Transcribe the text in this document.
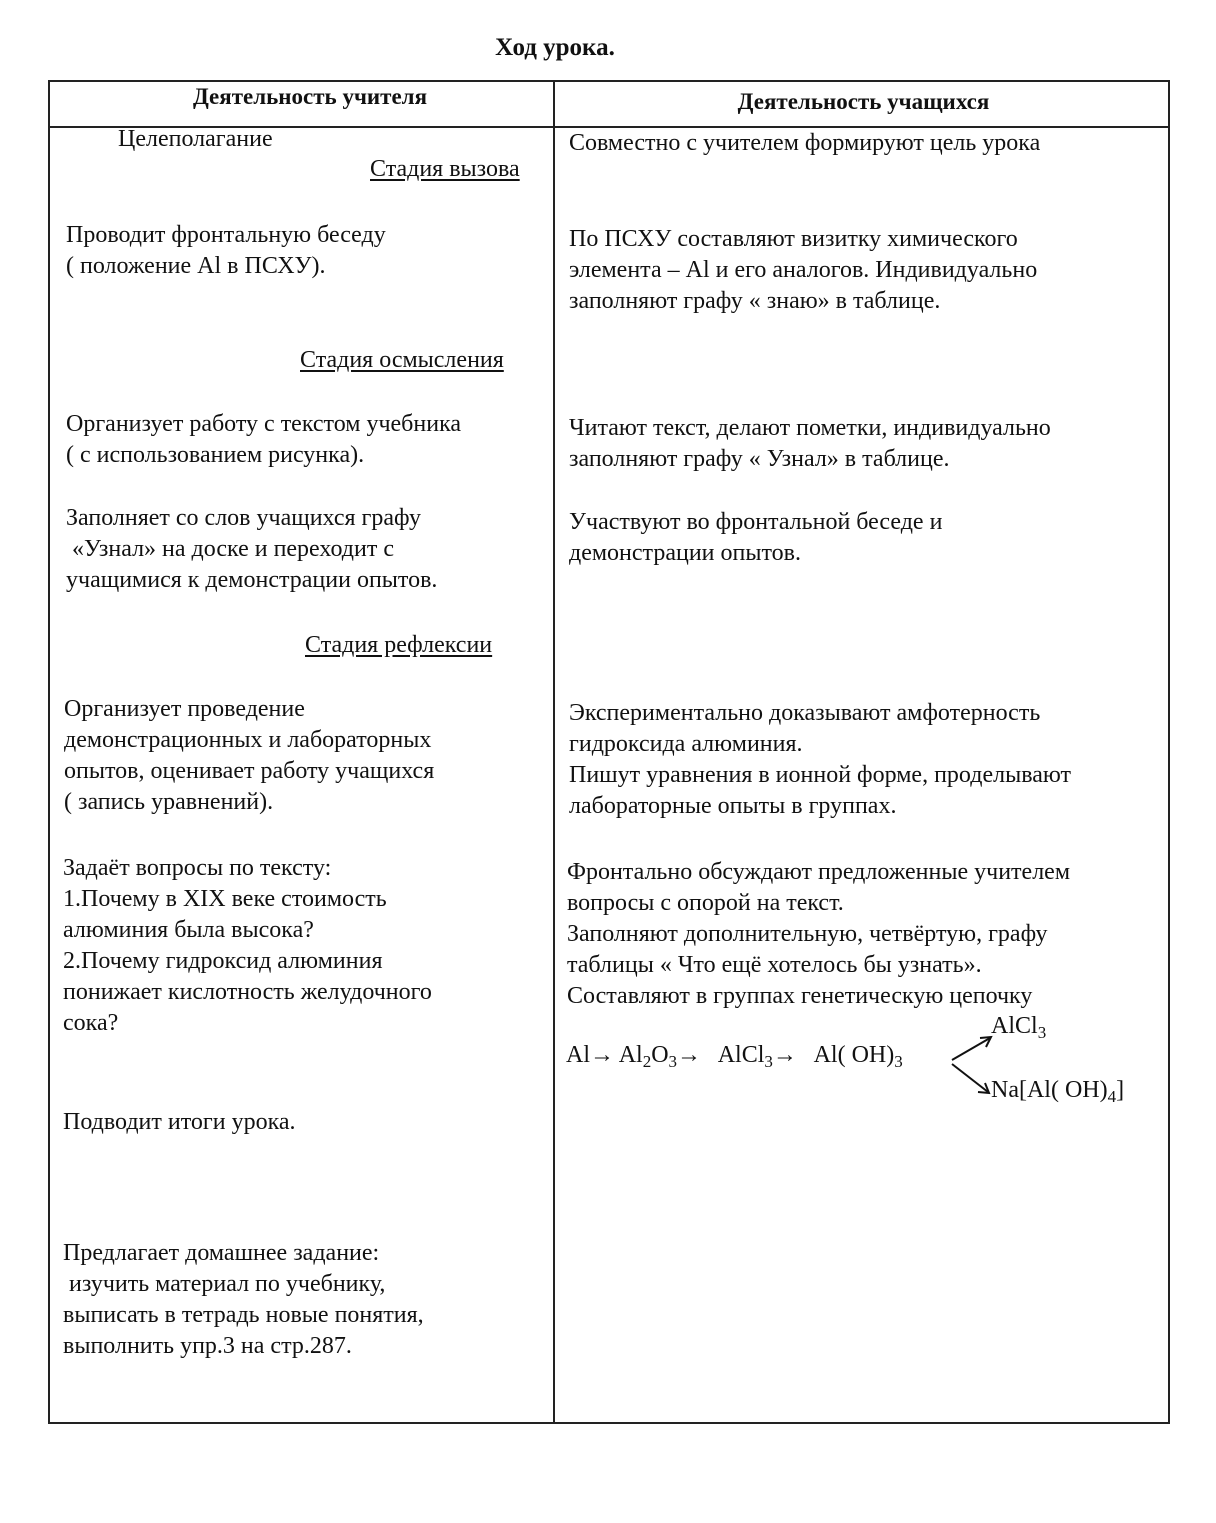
Ход урока.
Деятельность учителя	Деятельность учащихся
Целеполагание
Стадия вызова
Проводит фронтальную беседу
( положение Al в ПСХУ).
Стадия осмысления
Организует работу с текстом учебника
( с использованием рисунка).
Заполняет со слов учащихся графу
«Узнал» на доске и переходит с
учащимися к демонстрации опытов.
Стадия рефлексии
Организует проведение
демонстрационных и лабораторных
опытов, оценивает работу учащихся
( запись уравнений).
Задаёт вопросы по тексту:
1.Почему в XIX веке стоимость
алюминия была высока?
2.Почему гидроксид алюминия
понижает кислотность желудочного
сока?
Подводит итоги урока.
Предлагает домашнее задание:
изучить материал по учебнику,
выписать в тетрадь новые понятия,
выполнить упр.3 на стр.287.
Совместно с учителем формируют цель урока
По ПСХУ составляют визитку химического
элемента – Al и его аналогов. Индивидуально
заполняют графу « знаю» в таблице.
Читают текст, делают пометки, индивидуально
заполняют графу « Узнал» в таблице.
Участвуют во фронтальной беседе и
демонстрации опытов.
Экспериментально доказывают амфотерность
гидроксида алюминия.
Пишут уравнения в ионной форме, проделывают
лабораторные опыты в группах.
Фронтально обсуждают предложенные учителем
вопросы с опорой на текст.
Заполняют дополнительную, четвёртую, графу
таблицы « Что ещё хотелось бы узнать».
Составляют в группах генетическую цепочку
$Al\to Al_2O_3\to$   AlCl$_3$→   Al( $OH)_3$
AlCl$_3$
Na[Al( $OH)_4$]
